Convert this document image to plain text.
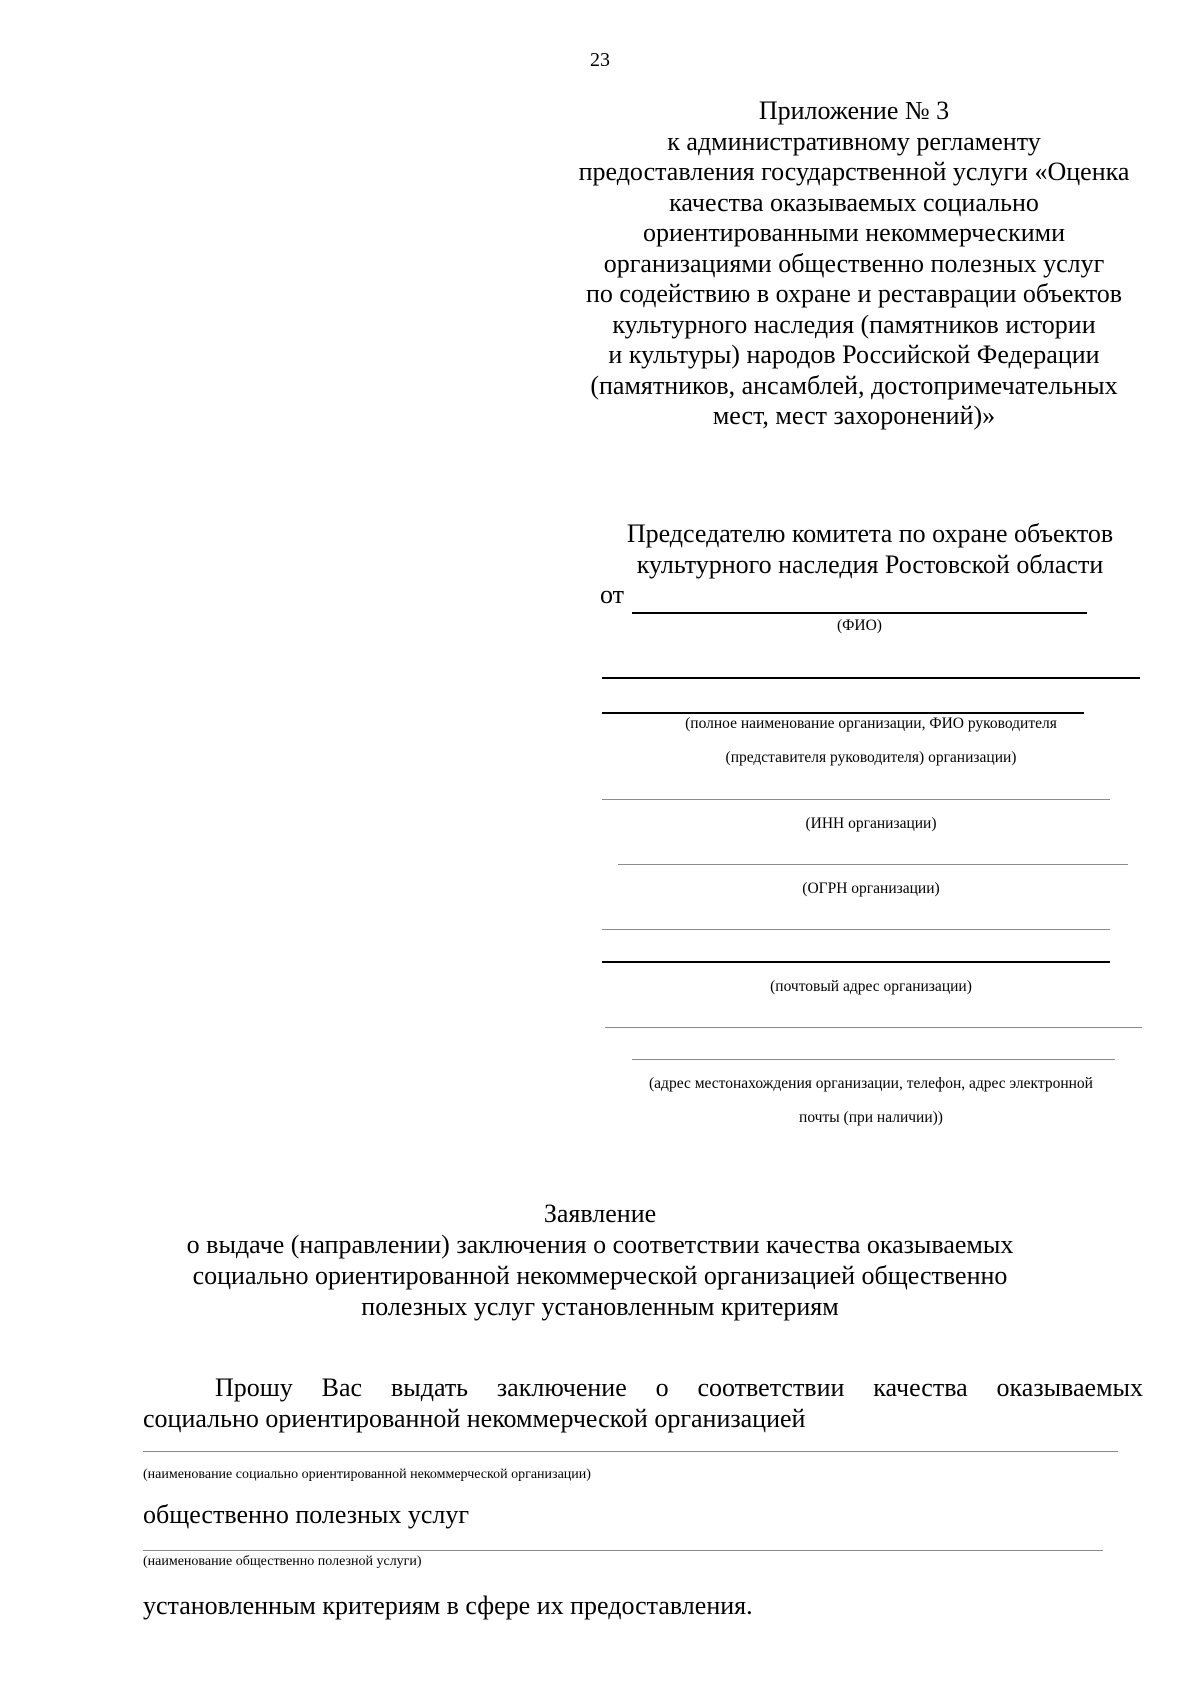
23
Приложение № 3
к административному регламенту
предоставления государственной услуги «Оценка
качества оказываемых социально
ориентированными некоммерческими
организациями общественно полезных услуг
по содействию в охране и реставрации объектов
культурного наследия (памятников истории
и культуры) народов Российской Федерации
(памятников, ансамблей, достопримечательных
мест, мест захоронений)»
Председателю комитета по охране объектов
культурного наследия Ростовской области
от
(ФИО)
(полное наименование организации, ФИО руководителя
(представителя руководителя) организации)
(ИНН организации)
(ОГРН организации)
(почтовый адрес организации)
(адрес местонахождения организации, телефон, адрес электронной
почты (при наличии))
Заявление
о выдаче (направлении) заключения о соответствии качества оказываемых
социально ориентированной некоммерческой организацией общественно
полезных услуг установленным критериям
Прошу Вас выдать заключение о соответствии качества оказываемых
социально ориентированной некоммерческой организацией
(наименование социально ориентированной некоммерческой организации)
общественно полезных услуг
(наименование общественно полезной услуги)
установленным критериям в сфере их предоставления.
